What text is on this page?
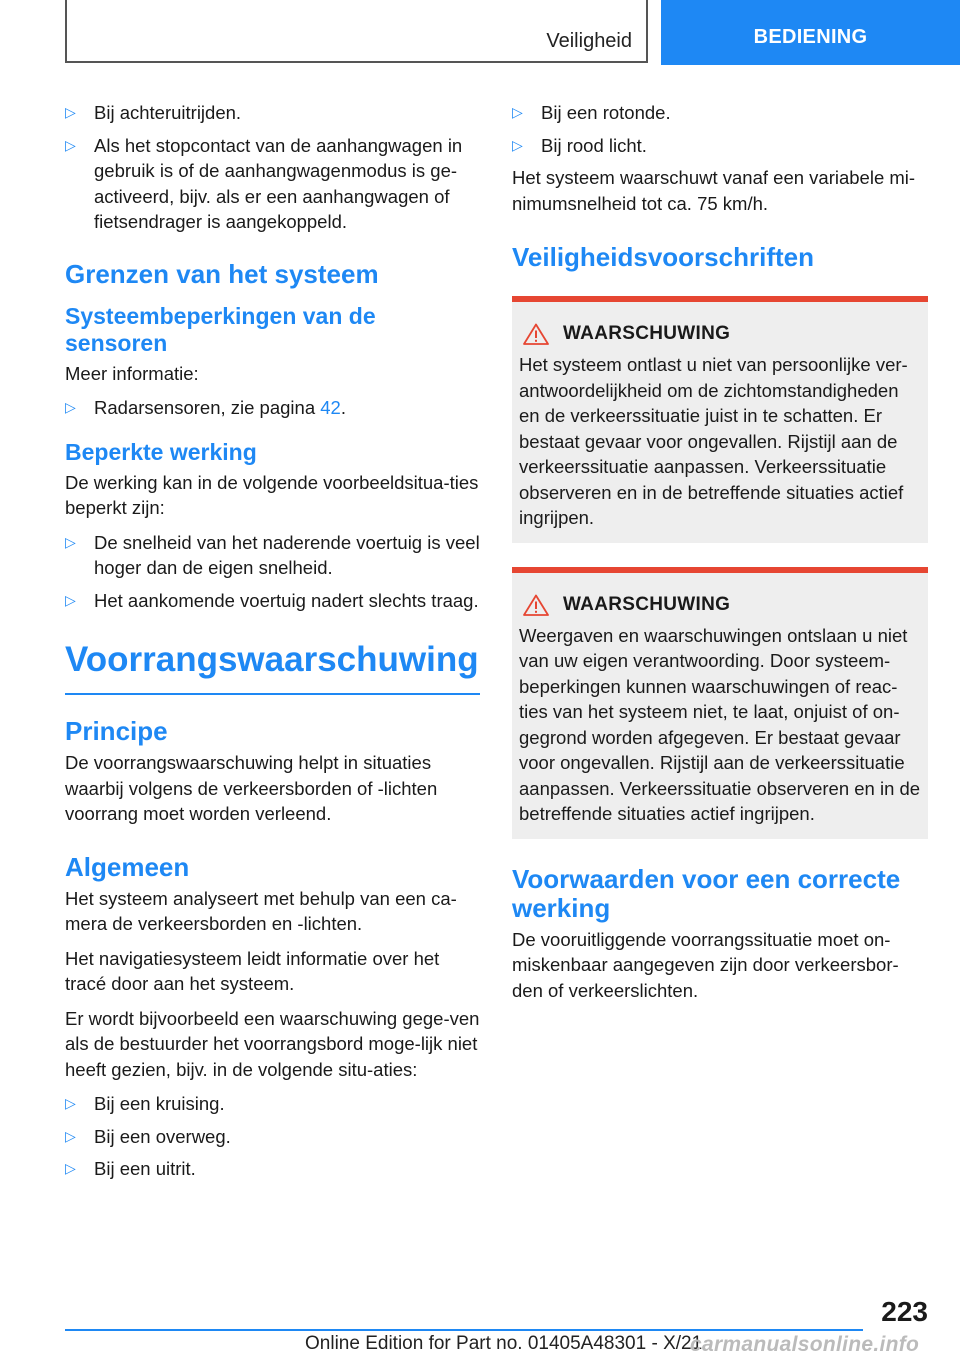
Veiligheid	BEDIENING
▷ Bij achteruitrijden.
▷ Als het stopcontact van de aanhangwagen in gebruik is of de aanhangwagenmodus is ge-activeerd, bijv. als er een aanhangwagen of fietsendrager is aangekoppeld.
Grenzen van het systeem
Systeembeperkingen van de sensoren

Meer informatie:

▷ Radarsensoren, zie pagina 42.
Beperkte werking

De werking kan in de volgende voorbeeldsitua-ties beperkt zijn:

▷ De snelheid van het naderende voertuig is veel hoger dan de eigen snelheid.
▷ Het aankomende voertuig nadert slechts traag.
Voorrangswaarschuwing
Principe

De voorrangswaarschuwing helpt in situaties waarbij volgens de verkeersborden of -lichten voorrang moet worden verleend.

Algemeen

Het systeem analyseert met behulp van een ca-mera de verkeersborden en -lichten.

Het navigatiesysteem leidt informatie over het tracé door aan het systeem.

Er wordt bijvoorbeeld een waarschuwing gege-ven als de bestuurder het voorrangsbord moge-lijk niet heeft gezien, bijv. in de volgende situ-aties:

▷ Bij een kruising.
▷ Bij een overweg.
▷ Bij een uitrit.
▷ Bij een rotonde.
▷ Bij rood licht.

Het systeem waarschuwt vanaf een variabele mi-nimumsnelheid tot ca. 75 km/h.

Veiligheidsvoorschriften
WAARSCHUWING

Het systeem ontlast u niet van persoonlijke ver-antwoordelijkheid om de zichtomstandigheden en de verkeerssituatie juist in te schatten. Er bestaat gevaar voor ongevallen. Rijstijl aan de verkeerssituatie aanpassen. Verkeerssituatie observeren en in de betreffende situaties actief ingrijpen.

WAARSCHUWING

Weergaven en waarschuwingen ontslaan u niet van uw eigen verantwoording. Door systeem-beperkingen kunnen waarschuwingen of reac-ties van het systeem niet, te laat, onjuist of on-gegrond worden afgegeven. Er bestaat gevaar voor ongevallen. Rijstijl aan de verkeerssituatie aanpassen. Verkeerssituatie observeren en in de betreffende situaties actief ingrijpen.

Voorwaarden voor een correcte werking

De vooruitliggende voorrangssituatie moet on-miskenbaar aangegeven zijn door verkeersbor-den of verkeerslichten.

223
Online Edition for Part no. 01405A48301 - X/21
carmanualsonline.info
